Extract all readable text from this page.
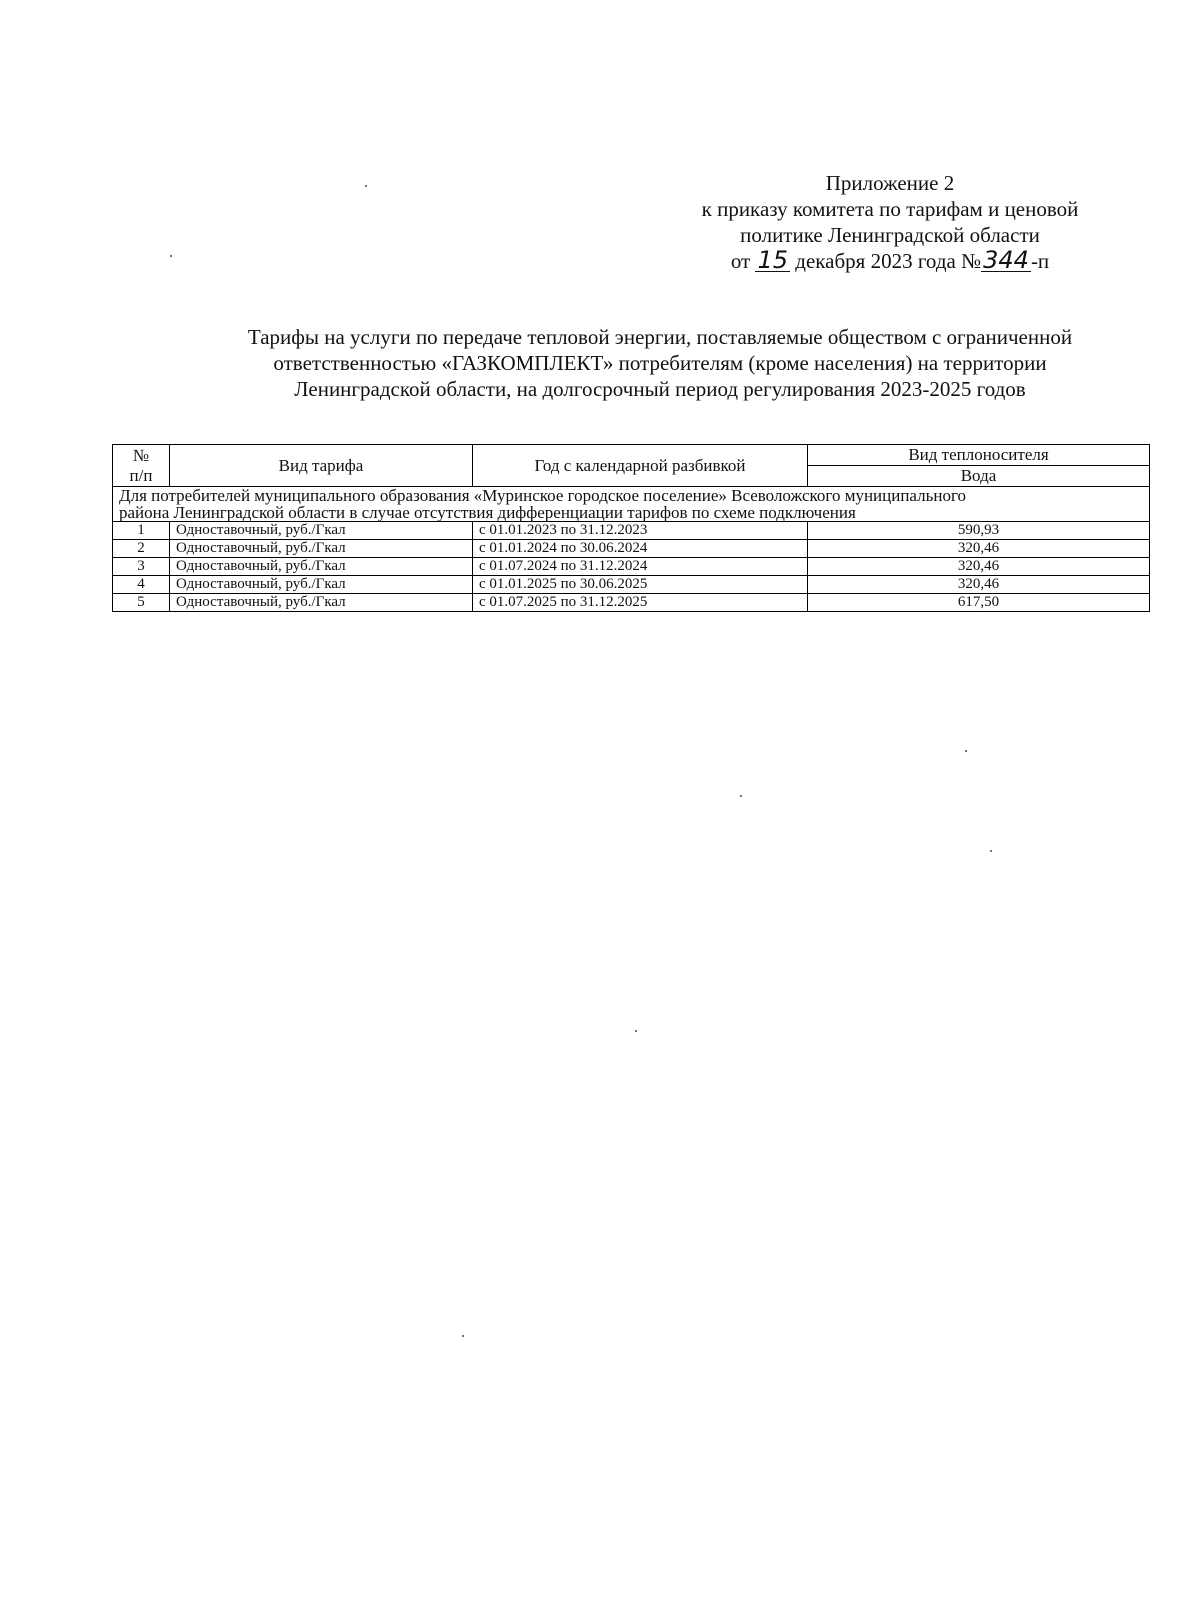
Приложение 2
к приказу комитета по тарифам и ценовой
политике Ленинградской области
от 15 декабря 2023 года №344-п
Тарифы на услуги по передаче тепловой энергии, поставляемые обществом с ограниченной
ответственностью «ГАЗКОМПЛЕКТ» потребителям (кроме населения) на территории
Ленинградской области, на долгосрочный период регулирования 2023-2025 годов
№
п/п	Вид тарифа	Год с календарной разбивкой	Вид теплоносителя
			Вода
Для потребителей муниципального образования «Муринское городское поселение» Всеволожского муниципального
района Ленинградской области в случае отсутствия дифференциации тарифов по схеме подключения			
1	Одноставочный, руб./Гкал	с 01.01.2023 по 31.12.2023	590,93
2	Одноставочный, руб./Гкал	с 01.01.2024 по 30.06.2024	320,46
3	Одноставочный, руб./Гкал	с 01.07.2024 по 31.12.2024	320,46
4	Одноставочный, руб./Гкал	с 01.01.2025 по 30.06.2025	320,46
5	Одноставочный, руб./Гкал	с 01.07.2025 по 31.12.2025	617,50
